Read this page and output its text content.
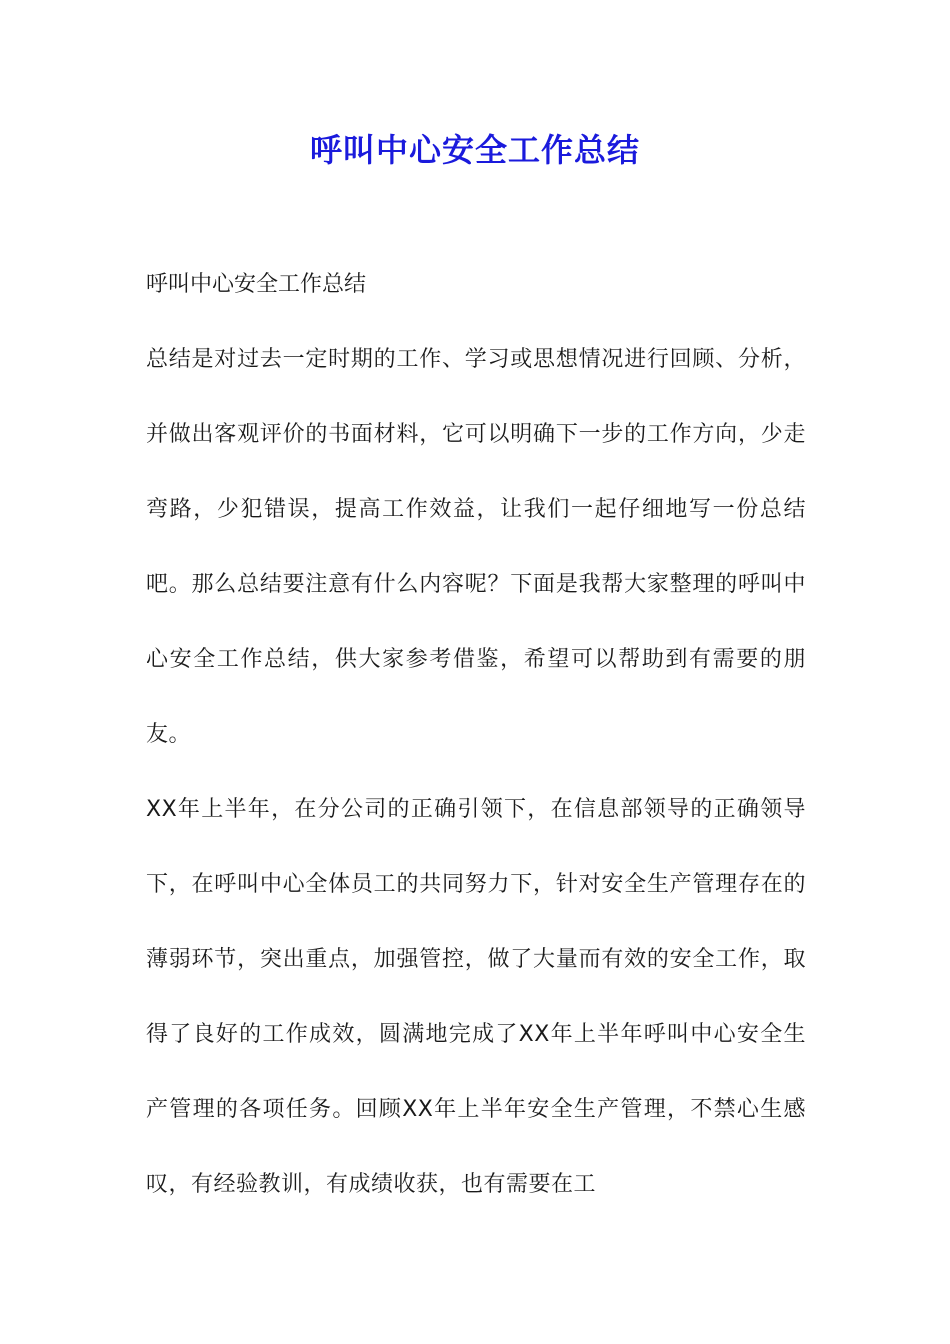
呼叫中心安全工作总结
呼叫中心安全工作总结

总结是对过去一定时期的工作、学习或思想情况进行回顾、分析，并做出客观评价的书面材料，它可以明确下一步的工作方向，少走弯路，少犯错误，提高工作效益，让我们一起仔细地写一份总结吧。那么总结要注意有什么内容呢？下面是我帮大家整理的呼叫中心安全工作总结，供大家参考借鉴，希望可以帮助到有需要的朋友。

XX年上半年，在分公司的正确引领下，在信息部领导的正确领导下，在呼叫中心全体员工的共同努力下，针对安全生产管理存在的薄弱环节，突出重点，加强管控，做了大量而有效的安全工作，取得了良好的工作成效，圆满地完成了XX年上半年呼叫中心安全生产管理的各项任务。回顾XX年上半年安全生产管理，不禁心生感叹，有经验教训，有成绩收获，也有需要在工
